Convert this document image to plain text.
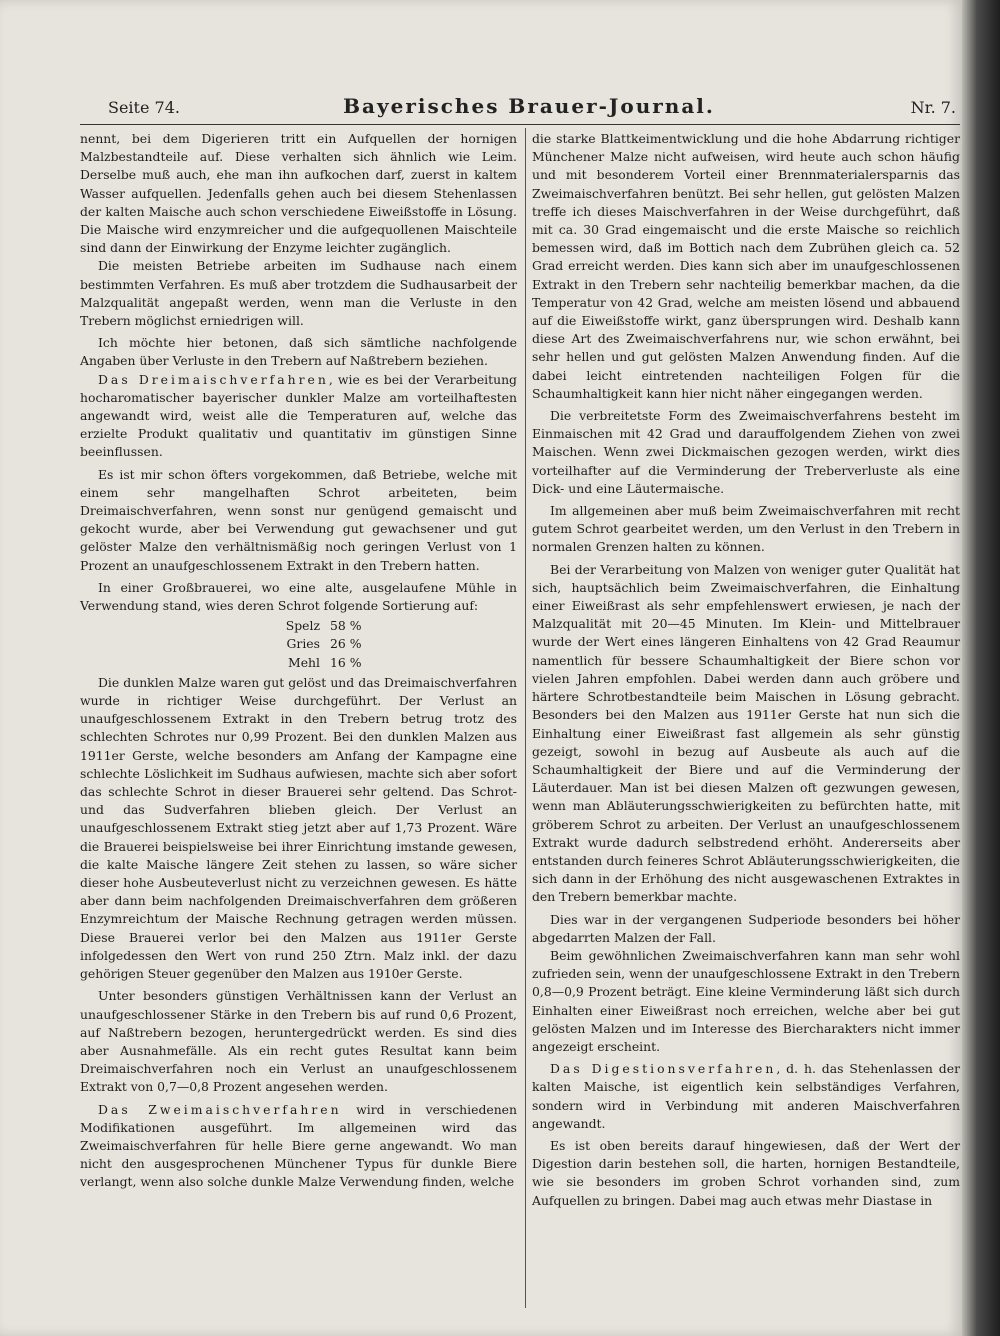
Seite 74.	Bayerisches Brauer-Journal.	Nr. 7.

nennt, bei dem Digerieren tritt ein Aufquellen der hornigen Malzbestandteile auf. Diese verhalten sich ähnlich wie Leim. Derselbe muß auch, ehe man ihn aufkochen darf, zuerst in kaltem Wasser aufquellen. Jedenfalls gehen auch bei diesem Stehenlassen der kalten Maische auch schon verschiedene Eiweißstoffe in Lösung. Die Maische wird enzymreicher und die aufgequollenen Maischteile sind dann der Einwirkung der Enzyme leichter zugänglich.

Die meisten Betriebe arbeiten im Sudhause nach einem bestimmten Verfahren. Es muß aber trotzdem die Sudhausarbeit der Malzqualität angepaßt werden, wenn man die Verluste in den Trebern möglichst erniedrigen will.

Ich möchte hier betonen, daß sich sämtliche nachfolgende Angaben über Verluste in den Trebern auf Naßtrebern beziehen.

Das Dreimaischverfahren, wie es bei der Verarbeitung hocharomatischer bayerischer dunkler Malze am vorteilhaftesten angewandt wird, weist alle die Temperaturen auf, welche das erzielte Produkt qualitativ und quantitativ im günstigen Sinne beeinflussen.

Es ist mir schon öfters vorgekommen, daß Betriebe, welche mit einem sehr mangelhaften Schrot arbeiteten, beim Dreimaischverfahren, wenn sonst nur genügend gemaischt und gekocht wurde, aber bei Verwendung gut gewachsener und gut gelöster Malze den verhältnismäßig noch geringen Verlust von 1 Prozent an unaufgeschlossenem Extrakt in den Trebern hatten.

In einer Großbrauerei, wo eine alte, ausgelaufene Mühle in Verwendung stand, wies deren Schrot folgende Sortierung auf:

Spelz 58 %
Gries 26 %
Mehl 16 %

Die dunklen Malze waren gut gelöst und das Dreimaischverfahren wurde in richtiger Weise durchgeführt. Der Verlust an unaufgeschlossenem Extrakt in den Trebern betrug trotz des schlechten Schrotes nur 0,99 Prozent. Bei den dunklen Malzen aus 1911er Gerste, welche besonders am Anfang der Kampagne eine schlechte Löslichkeit im Sudhaus aufwiesen, machte sich aber sofort das schlechte Schrot in dieser Brauerei sehr geltend. Das Schrot- und das Sudverfahren blieben gleich. Der Verlust an unaufgeschlossenem Extrakt stieg jetzt aber auf 1,73 Prozent. Wäre die Brauerei beispielsweise bei ihrer Einrichtung imstande gewesen, die kalte Maische längere Zeit stehen zu lassen, so wäre sicher dieser hohe Ausbeuteverlust nicht zu verzeichnen gewesen. Es hätte aber dann beim nachfolgenden Dreimaischverfahren dem größeren Enzymreichtum der Maische Rechnung getragen werden müssen. Diese Brauerei verlor bei den Malzen aus 1911er Gerste infolgedessen den Wert von rund 250 Ztrn. Malz inkl. der dazu gehörigen Steuer gegenüber den Malzen aus 1910er Gerste.

Unter besonders günstigen Verhältnissen kann der Verlust an unaufgeschlossener Stärke in den Trebern bis auf rund 0,6 Prozent, auf Naßtrebern bezogen, heruntergedrückt werden. Es sind dies aber Ausnahmefälle. Als ein recht gutes Resultat kann beim Dreimaischverfahren noch ein Verlust an unaufgeschlossenem Extrakt von 0,7—0,8 Prozent angesehen werden.

Das Zweimaischverfahren wird in verschiedenen Modifikationen ausgeführt. Im allgemeinen wird das Zweimaischverfahren für helle Biere gerne angewandt. Wo man nicht den ausgesprochenen Münchener Typus für dunkle Biere verlangt, wenn also solche dunkle Malze Verwendung finden, welche

die starke Blattkeimentwicklung und die hohe Abdarrung richtiger Münchener Malze nicht aufweisen, wird heute auch schon häufig und mit besonderem Vorteil einer Brennmaterialersparnis das Zweimaischverfahren benützt. Bei sehr hellen, gut gelösten Malzen treffe ich dieses Maischverfahren in der Weise durchgeführt, daß mit ca. 30 Grad eingemaischt und die erste Maische so reichlich bemessen wird, daß im Bottich nach dem Zubrühen gleich ca. 52 Grad erreicht werden. Dies kann sich aber im unaufgeschlossenen Extrakt in den Trebern sehr nachteilig bemerkbar machen, da die Temperatur von 42 Grad, welche am meisten lösend und abbauend auf die Eiweißstoffe wirkt, ganz übersprungen wird. Deshalb kann diese Art des Zweimaischverfahrens nur, wie schon erwähnt, bei sehr hellen und gut gelösten Malzen Anwendung finden. Auf die dabei leicht eintretenden nachteiligen Folgen für die Schaumhaltigkeit kann hier nicht näher eingegangen werden.

Die verbreitetste Form des Zweimaischverfahrens besteht im Einmaischen mit 42 Grad und darauffolgendem Ziehen von zwei Maischen. Wenn zwei Dickmaischen gezogen werden, wirkt dies vorteilhafter auf die Verminderung der Treberverluste als eine Dick- und eine Läutermaische.

Im allgemeinen aber muß beim Zweimaischverfahren mit recht gutem Schrot gearbeitet werden, um den Verlust in den Trebern in normalen Grenzen halten zu können.

Bei der Verarbeitung von Malzen von weniger guter Qualität hat sich, hauptsächlich beim Zweimaischverfahren, die Einhaltung einer Eiweißrast als sehr empfehlenswert erwiesen, je nach der Malzqualität mit 20—45 Minuten. Im Klein- und Mittelbrauer wurde der Wert eines längeren Einhaltens von 42 Grad Reaumur namentlich für bessere Schaumhaltigkeit der Biere schon vor vielen Jahren empfohlen. Dabei werden dann auch gröbere und härtere Schrotbestandteile beim Maischen in Lösung gebracht. Besonders bei den Malzen aus 1911er Gerste hat nun sich die Einhaltung einer Eiweißrast fast allgemein als sehr günstig gezeigt, sowohl in bezug auf Ausbeute als auch auf die Schaumhaltigkeit der Biere und auf die Verminderung der Läuterdauer. Man ist bei diesen Malzen oft gezwungen gewesen, wenn man Abläuterungsschwierigkeiten zu befürchten hatte, mit gröberem Schrot zu arbeiten. Der Verlust an unaufgeschlossenem Extrakt wurde dadurch selbstredend erhöht. Andererseits aber entstanden durch feineres Schrot Abläuterungsschwierigkeiten, die sich dann in der Erhöhung des nicht ausgewaschenen Extraktes in den Trebern bemerkbar machte.

Dies war in der vergangenen Sudperiode besonders bei höher abgedarrten Malzen der Fall.

Beim gewöhnlichen Zweimaischverfahren kann man sehr wohl zufrieden sein, wenn der unaufgeschlossene Extrakt in den Trebern 0,8—0,9 Prozent beträgt. Eine kleine Verminderung läßt sich durch Einhalten einer Eiweißrast noch erreichen, welche aber bei gut gelösten Malzen und im Interesse des Biercharakters nicht immer angezeigt erscheint.

Das Digestionsverfahren, d. h. das Stehenlassen der kalten Maische, ist eigentlich kein selbständiges Verfahren, sondern wird in Verbindung mit anderen Maischverfahren angewandt.

Es ist oben bereits darauf hingewiesen, daß der Wert der Digestion darin bestehen soll, die harten, hornigen Bestandteile, wie sie besonders im groben Schrot vorhanden sind, zum Aufquellen zu bringen. Dabei mag auch etwas mehr Diastase in
